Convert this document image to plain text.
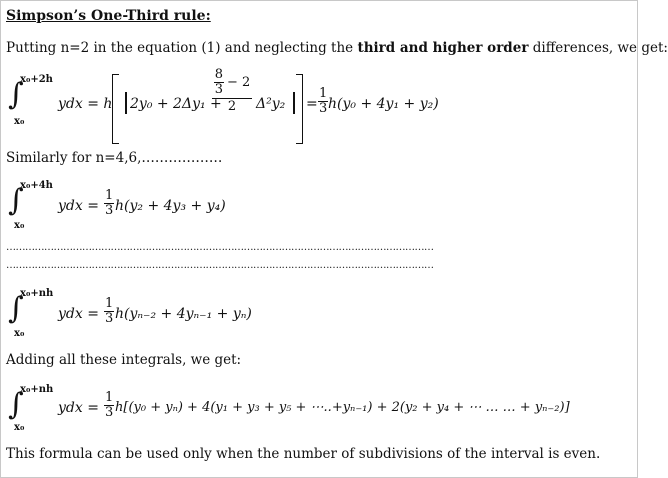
Simpson’s One-Third rule:
Putting n=2 in the equation (1) and neglecting the third and higher order differences, we get:
∫
x₀+2h
x₀
ydx = h 2y₀ + 2Δy₁ +
$\frac{8}{3} - 2$
2	$\Delta^2y_2 = \frac{1}{3} h(y_0 + 4y_1 + y_2)$
Similarly for n=4,6,………………
∫
x₀+4h
x₀
ydx = $\frac{1}{3} h(y_2 + 4y_3 + y_4)$
………………………………………………………………………………………………………………………
………………………………………………………………………………………………………………………
∫
x₀+nh
x₀
ydx = $\frac{1}{3} h(y_{n-2} + 4y_{n-1} + y_n)$
Adding all these integrals, we get:
∫
x₀+nh
x₀
ydx = $\frac{1}{3} h[(y_0 + y_n) + 4(y_1 + y_3 + y_5$ + ⋯..+yₙ₋₁) + 2(y₂ + y₄ + ⋯ … … + yₙ₋₂)]
This formula can be used only when the number of subdivisions of the interval is even.
